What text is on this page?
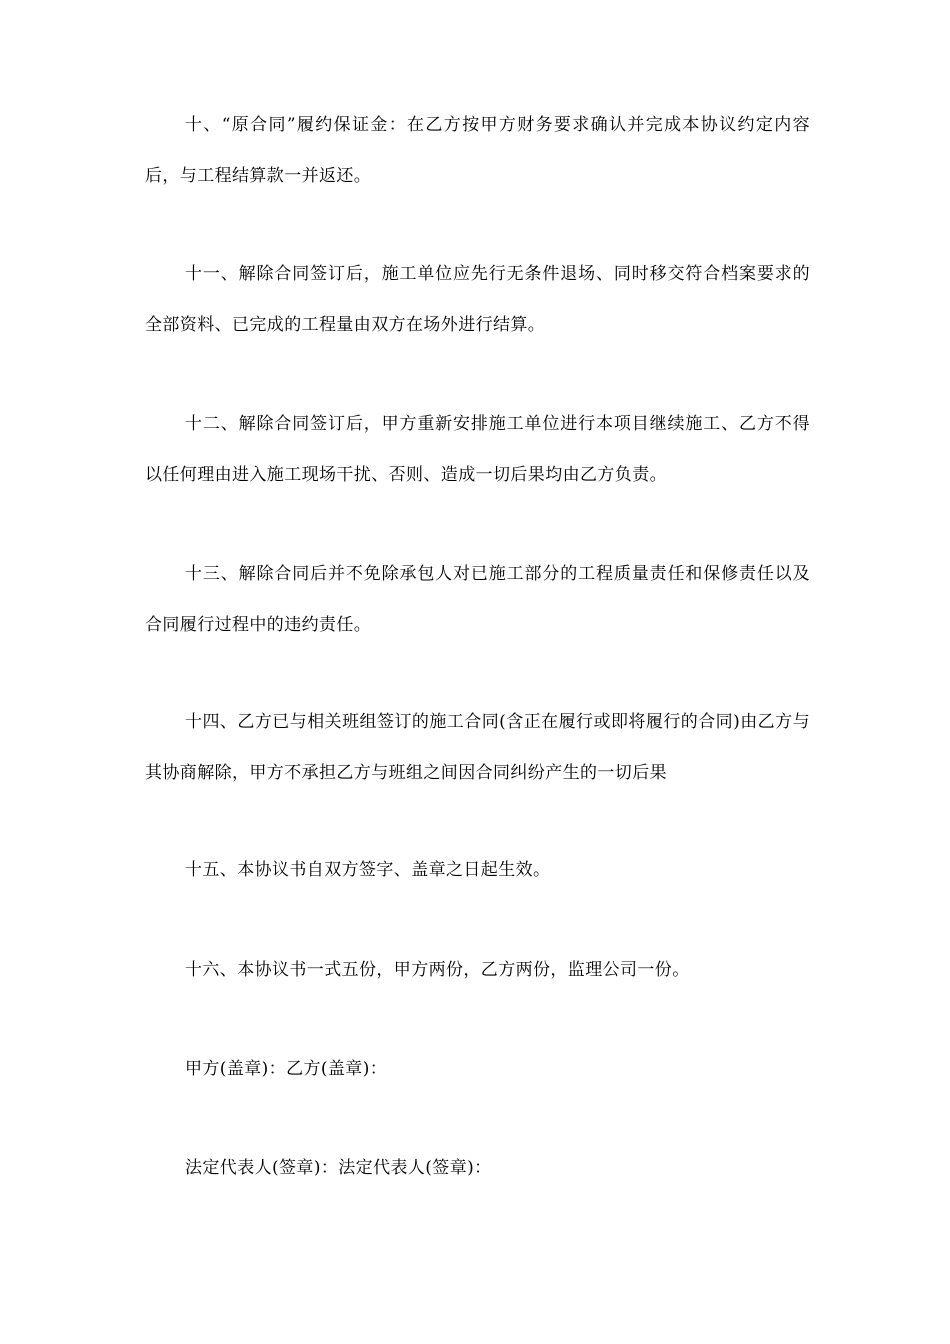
十、“原合同”履约保证金：在乙方按甲方财务要求确认并完成本协议约定内容后，与工程结算款一并返还。

十一、解除合同签订后，施工单位应先行无条件退场、同时移交符合档案要求的全部资料、已完成的工程量由双方在场外进行结算。

十二、解除合同签订后，甲方重新安排施工单位进行本项目继续施工、乙方不得以任何理由进入施工现场干扰、否则、造成一切后果均由乙方负责。

十三、解除合同后并不免除承包人对已施工部分的工程质量责任和保修责任以及合同履行过程中的违约责任。

十四、乙方已与相关班组签订的施工合同(含正在履行或即将履行的合同)由乙方与其协商解除，甲方不承担乙方与班组之间因合同纠纷产生的一切后果

十五、本协议书自双方签字、盖章之日起生效。

十六、本协议书一式五份，甲方两份，乙方两份，监理公司一份。

甲方(盖章)：乙方(盖章)：

法定代表人(签章)：法定代表人(签章)：
